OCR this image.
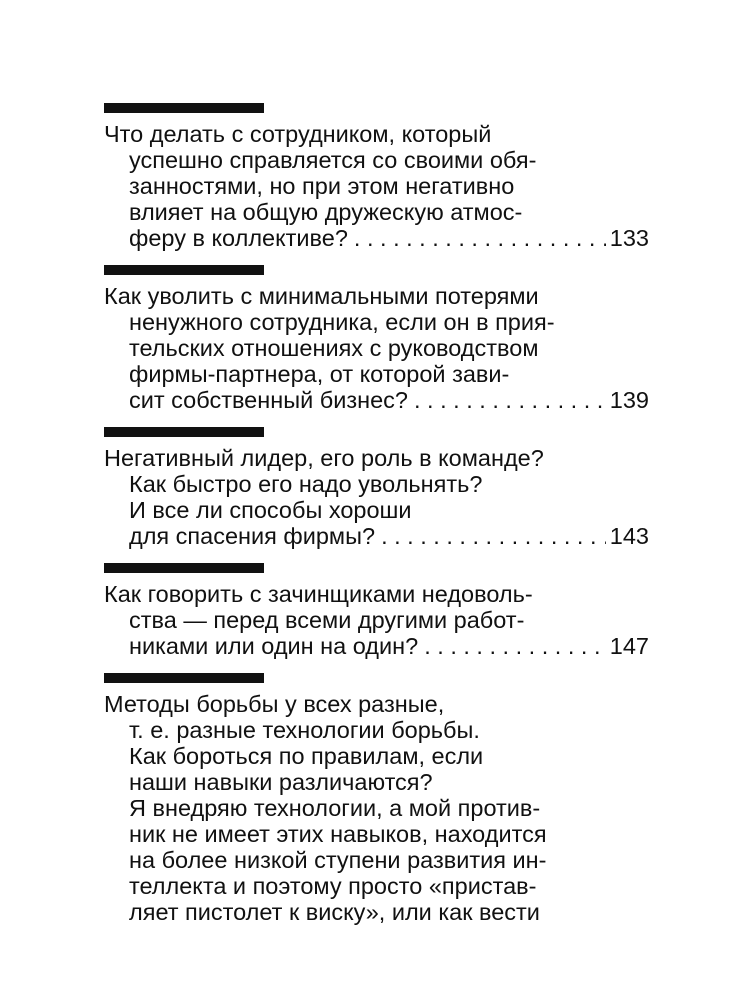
Что делать с сотрудником, который
успешно справляется со своими обя-
занностями, но при этом негативно
влияет на общую дружескую атмос-
феру в коллективе? . . .	133
Как уволить с минимальными потерями
ненужного сотрудника, если он в прия-
тельских отношениях с руководством
фирмы-партнера, от которой зави-
сит собственный бизнес? . . .	139
Негативный лидер, его роль в команде?
Как быстро его надо увольнять?
И все ли способы хороши
для спасения фирмы? . . .	143
Как говорить с зачинщиками недоволь-
ства — перед всеми другими работ-
никами или один на один? . . .	147
Методы борьбы у всех разные,
т. е. разные технологии борьбы.
Как бороться по правилам, если
наши навыки различаются?
Я внедряю технологии, а мой против-
ник не имеет этих навыков, находится
на более низкой ступени развития ин-
теллекта и поэтому просто «пристав-
ляет пистолет к виску», или как вести
